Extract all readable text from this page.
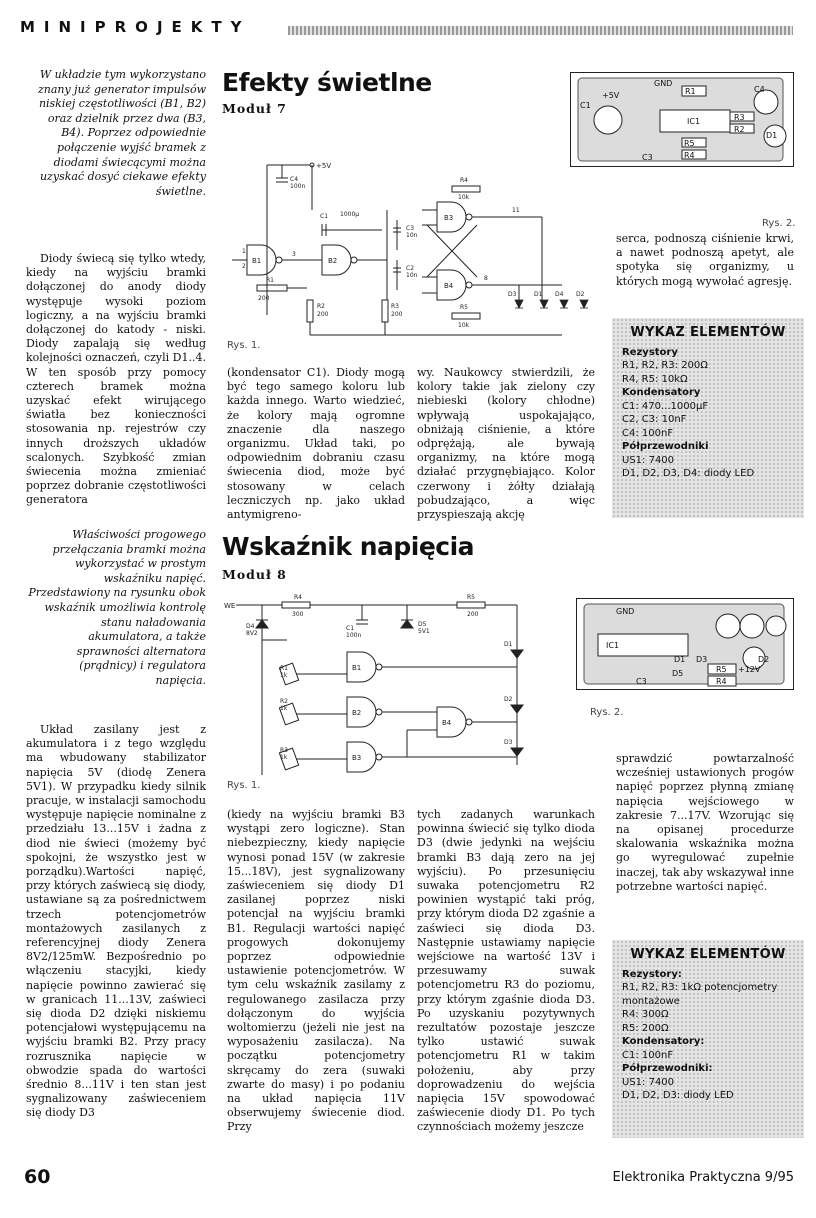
MINIPROJEKTY
W układzie tym wykorzystano znany już generator impulsów niskiej częstotliwości (B1, B2) oraz dzielnik przez dwa (B3, B4). Poprzez odpowiednie połączenie wyjść bramek z diodami świecącymi można uzyskać dosyć ciekawe efekty świetlne.
Efekty świetlne
Moduł 7
+5V
C4
100n
B1
1
2
3
B2
C1 1000μ
200
R1
R2
200
R3
200
C3
10n
C2
10n
B3
B4
R4
10k
R5
10k
11
8
D3	D1 D4 D2
Rys. 1.
GND
+5V
C1
R1
IC1	R3
R2
R5
R4
C3
C4
D1
Rys. 2.

Diody świecą się tylko wtedy, kiedy na wyjściu bramki dołączonej do anody diody występuje wysoki poziom logiczny, a na wyjściu bramki dołączonej do katody - niski. Diody zapalają się według kolejności oznaczeń, czyli D1..4. W ten sposób przy pomocy czterech bramek można uzyskać efekt wirującego światła bez konieczności stosowania np. rejestrów czy innych droższych układów scalonych. Szybkość zmian świecenia można zmieniać poprzez dobranie częstotliwości generatora

(kondensator C1). Diody mogą być tego samego koloru lub każda innego. Warto wiedzieć, że kolory mają ogromne znaczenie dla naszego organizmu. Układ taki, po odpowiednim dobraniu czasu świecenia diod, może być stosowany w celach leczniczych np. jako układ antymigreno-

wy. Naukowcy stwierdzili, że kolory takie jak zielony czy niebieski (kolory chłodne) wpływają uspokajająco, obniżają ciśnienie, a które odprężają, ale bywają organizmy, na które mogą działać przygnębiająco. Kolor czerwony i żółty działają pobudzająco, a więc przyspieszają akcję

serca, podnoszą ciśnienie krwi, a nawet podnoszą apetyt, ale spotyka się organizmy, u których mogą wywołać agresję.

WYKAZ ELEMENTÓW
Rezystory
R1, R2, R3: 200Ω
R4, R5: 10kΩ
Kondensatory
C1: 470...1000μF
C2, C3: 10nF
C4: 100nF
Półprzewodniki
US1: 7400
D1, D2, D3, D4: diody LED
Właściwości progowego przełączania bramki można wykorzystać w prostym wskaźniku napięć. Przedstawiony na rysunku obok wskaźnik umożliwia kontrolę stanu naładowania akumulatora, a także sprawności alternatora (prądnicy) i regulatora napięcia.
Wskaźnik napięcia
Moduł 8
WE
R4
300
R5
200
D4
8V2
C1
100n
D5
5V1
B1
B2
B3
B4
R1
1k
R2
1k
R3
1k
D1
D2
D3
Rys. 1.
GND
IC1
D1 D3	D2
R5
R4
+12V
C3
D5
Rys. 2.

Układ zasilany jest z akumulatora i z tego względu ma wbudowany stabilizator napięcia 5V (diodę Zenera 5V1). W przypadku kiedy silnik pracuje, w instalacji samochodu występuje napięcie nominalne z przedziału 13...15V i żadna z diod nie świeci (możemy być spokojni, że wszystko jest w porządku).Wartości napięć, przy których zaświecą się diody, ustawiane są za pośrednictwem trzech potencjometrów montażowych zasilanych z referencyjnej diody Zenera 8V2/125mW. Bezpośrednio po włączeniu stacyjki, kiedy napięcie powinno zawierać się w granicach 11...13V, zaświeci się dioda D2 dzięki niskiemu potencjałowi występującemu na wyjściu bramki B2. Przy pracy rozrusznika napięcie w obwodzie spada do wartości średnio 8...11V i ten stan jest sygnalizowany zaświeceniem się diody D3

(kiedy na wyjściu bramki B3 wystąpi zero logiczne). Stan niebezpieczny, kiedy napięcie wynosi ponad 15V (w zakresie 15...18V), jest sygnalizowany zaświeceniem się diody D1 zasilanej poprzez niski potencjał na wyjściu bramki B1. Regulacji wartości napięć progowych dokonujemy poprzez odpowiednie ustawienie potencjometrów. W tym celu wskaźnik zasilamy z regulowanego zasilacza przy dołączonym do wyjścia woltomierzu (jeżeli nie jest na wyposażeniu zasilacza). Na początku potencjometry skręcamy do zera (suwaki zwarte do masy) i po podaniu na układ napięcia 11V obserwujemy świecenie diod. Przy

tych zadanych warunkach powinna świecić się tylko dioda D3 (dwie jedynki na wejściu bramki B3 dają zero na jej wyjściu). Po przesunięciu suwaka potencjometru R2 powinien wystąpić taki próg, przy którym dioda D2 zgaśnie a zaświeci się dioda D3. Następnie ustawiamy napięcie wejściowe na wartość 13V i przesuwamy suwak potencjometru R3 do poziomu, przy którym zgaśnie dioda D3. Po uzyskaniu pozytywnych rezultatów pozostaje jeszcze tylko ustawić suwak potencjometru R1 w takim położeniu, aby przy doprowadzeniu do wejścia napięcia 15V spowodować zaświecenie diody D1. Po tych czynnościach możemy jeszcze

sprawdzić powtarzalność wcześniej ustawionych progów napięć poprzez płynną zmianę napięcia wejściowego w zakresie 7...17V. Wzorując się na opisanej procedurze skalowania wskaźnika można go wyregulować zupełnie inaczej, tak aby wskazywał inne potrzebne wartości napięć.

WYKAZ ELEMENTÓW
Rezystory:
R1, R2, R3: 1kΩ potencjometry montażowe
R4: 300Ω
R5: 200Ω
Kondensatory:
C1: 100nF
Półprzewodniki:
US1: 7400
D1, D2, D3: diody LED
60	Elektronika Praktyczna 9/95
